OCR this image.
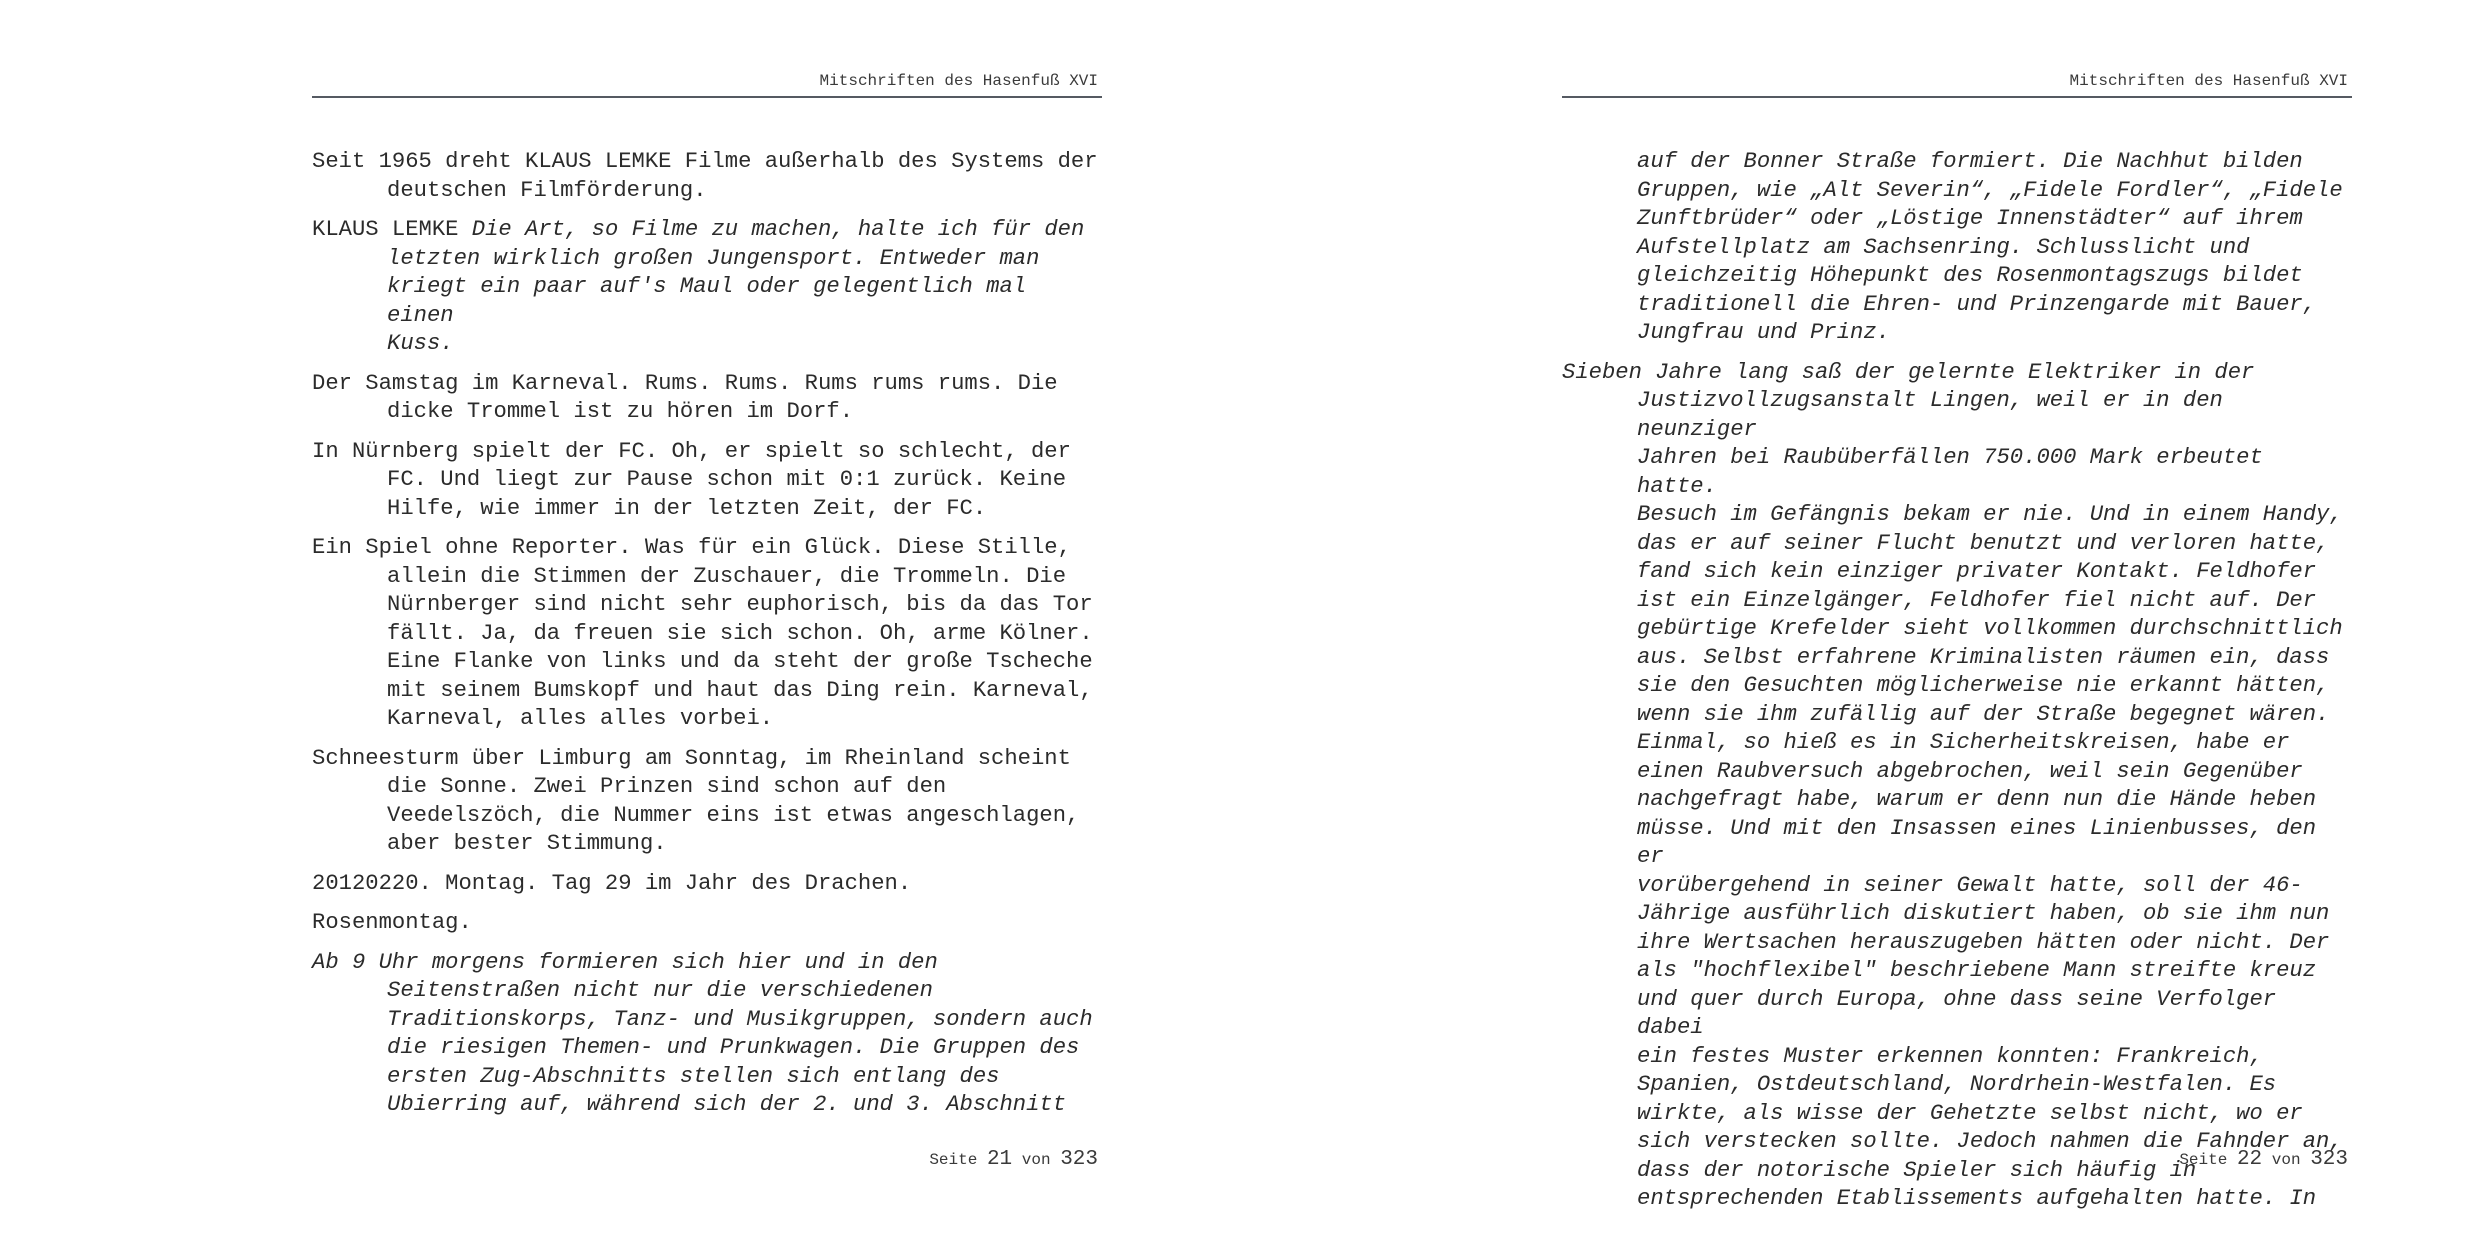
Mitschriften des Hasenfuß XVI
Seit 1965 dreht KLAUS LEMKE Filme außerhalb des Systems der
deutschen Filmförderung.
KLAUS LEMKE Die Art, so Filme zu machen, halte ich für den
letzten wirklich großen Jungensport. Entweder man
kriegt ein paar auf's Maul oder gelegentlich mal einen
Kuss.
Der Samstag im Karneval. Rums. Rums. Rums rums rums. Die
dicke Trommel ist zu hören im Dorf.
In Nürnberg spielt der FC. Oh, er spielt so schlecht, der
FC. Und liegt zur Pause schon mit 0:1 zurück. Keine
Hilfe, wie immer in der letzten Zeit, der FC.
Ein Spiel ohne Reporter. Was für ein Glück. Diese Stille,
allein die Stimmen der Zuschauer, die Trommeln. Die
Nürnberger sind nicht sehr euphorisch, bis da das Tor
fällt. Ja, da freuen sie sich schon. Oh, arme Kölner.
Eine Flanke von links und da steht der große Tscheche
mit seinem Bumskopf und haut das Ding rein. Karneval,
Karneval, alles alles vorbei.
Schneesturm über Limburg am Sonntag, im Rheinland scheint
die Sonne. Zwei Prinzen sind schon auf den
Veedelszöch, die Nummer eins ist etwas angeschlagen,
aber bester Stimmung.
20120220. Montag. Tag 29 im Jahr des Drachen.
Rosenmontag.
Ab 9 Uhr morgens formieren sich hier und in den
Seitenstraßen nicht nur die verschiedenen
Traditionskorps, Tanz- und Musikgruppen, sondern auch
die riesigen Themen- und Prunkwagen. Die Gruppen des
ersten Zug-Abschnitts stellen sich entlang des
Ubierring auf, während sich der 2. und 3. Abschnitt
Seite 21 von 323
Mitschriften des Hasenfuß XVI
auf der Bonner Straße formiert. Die Nachhut bilden
Gruppen, wie „Alt Severin“, „Fidele Fordler“, „Fidele
Zunftbrüder“ oder „Löstige Innenstädter“ auf ihrem
Aufstellplatz am Sachsenring. Schlusslicht und
gleichzeitig Höhepunkt des Rosenmontagszugs bildet
traditionell die Ehren- und Prinzengarde mit Bauer,
Jungfrau und Prinz.
Sieben Jahre lang saß der gelernte Elektriker in der
Justizvollzugsanstalt Lingen, weil er in den neunziger
Jahren bei Raubüberfällen 750.000 Mark erbeutet hatte.
Besuch im Gefängnis bekam er nie. Und in einem Handy,
das er auf seiner Flucht benutzt und verloren hatte,
fand sich kein einziger privater Kontakt. Feldhofer
ist ein Einzelgänger, Feldhofer fiel nicht auf. Der
gebürtige Krefelder sieht vollkommen durchschnittlich
aus. Selbst erfahrene Kriminalisten räumen ein, dass
sie den Gesuchten möglicherweise nie erkannt hätten,
wenn sie ihm zufällig auf der Straße begegnet wären.
Einmal, so hieß es in Sicherheitskreisen, habe er
einen Raubversuch abgebrochen, weil sein Gegenüber
nachgefragt habe, warum er denn nun die Hände heben
müsse. Und mit den Insassen eines Linienbusses, den er
vorübergehend in seiner Gewalt hatte, soll der 46-
Jährige ausführlich diskutiert haben, ob sie ihm nun
ihre Wertsachen herauszugeben hätten oder nicht. Der
als "hochflexibel" beschriebene Mann streifte kreuz
und quer durch Europa, ohne dass seine Verfolger dabei
ein festes Muster erkennen konnten: Frankreich,
Spanien, Ostdeutschland, Nordrhein-Westfalen. Es
wirkte, als wisse der Gehetzte selbst nicht, wo er
sich verstecken sollte. Jedoch nahmen die Fahnder an,
dass der notorische Spieler sich häufig in
entsprechenden Etablissements aufgehalten hatte. In
Seite 22 von 323
